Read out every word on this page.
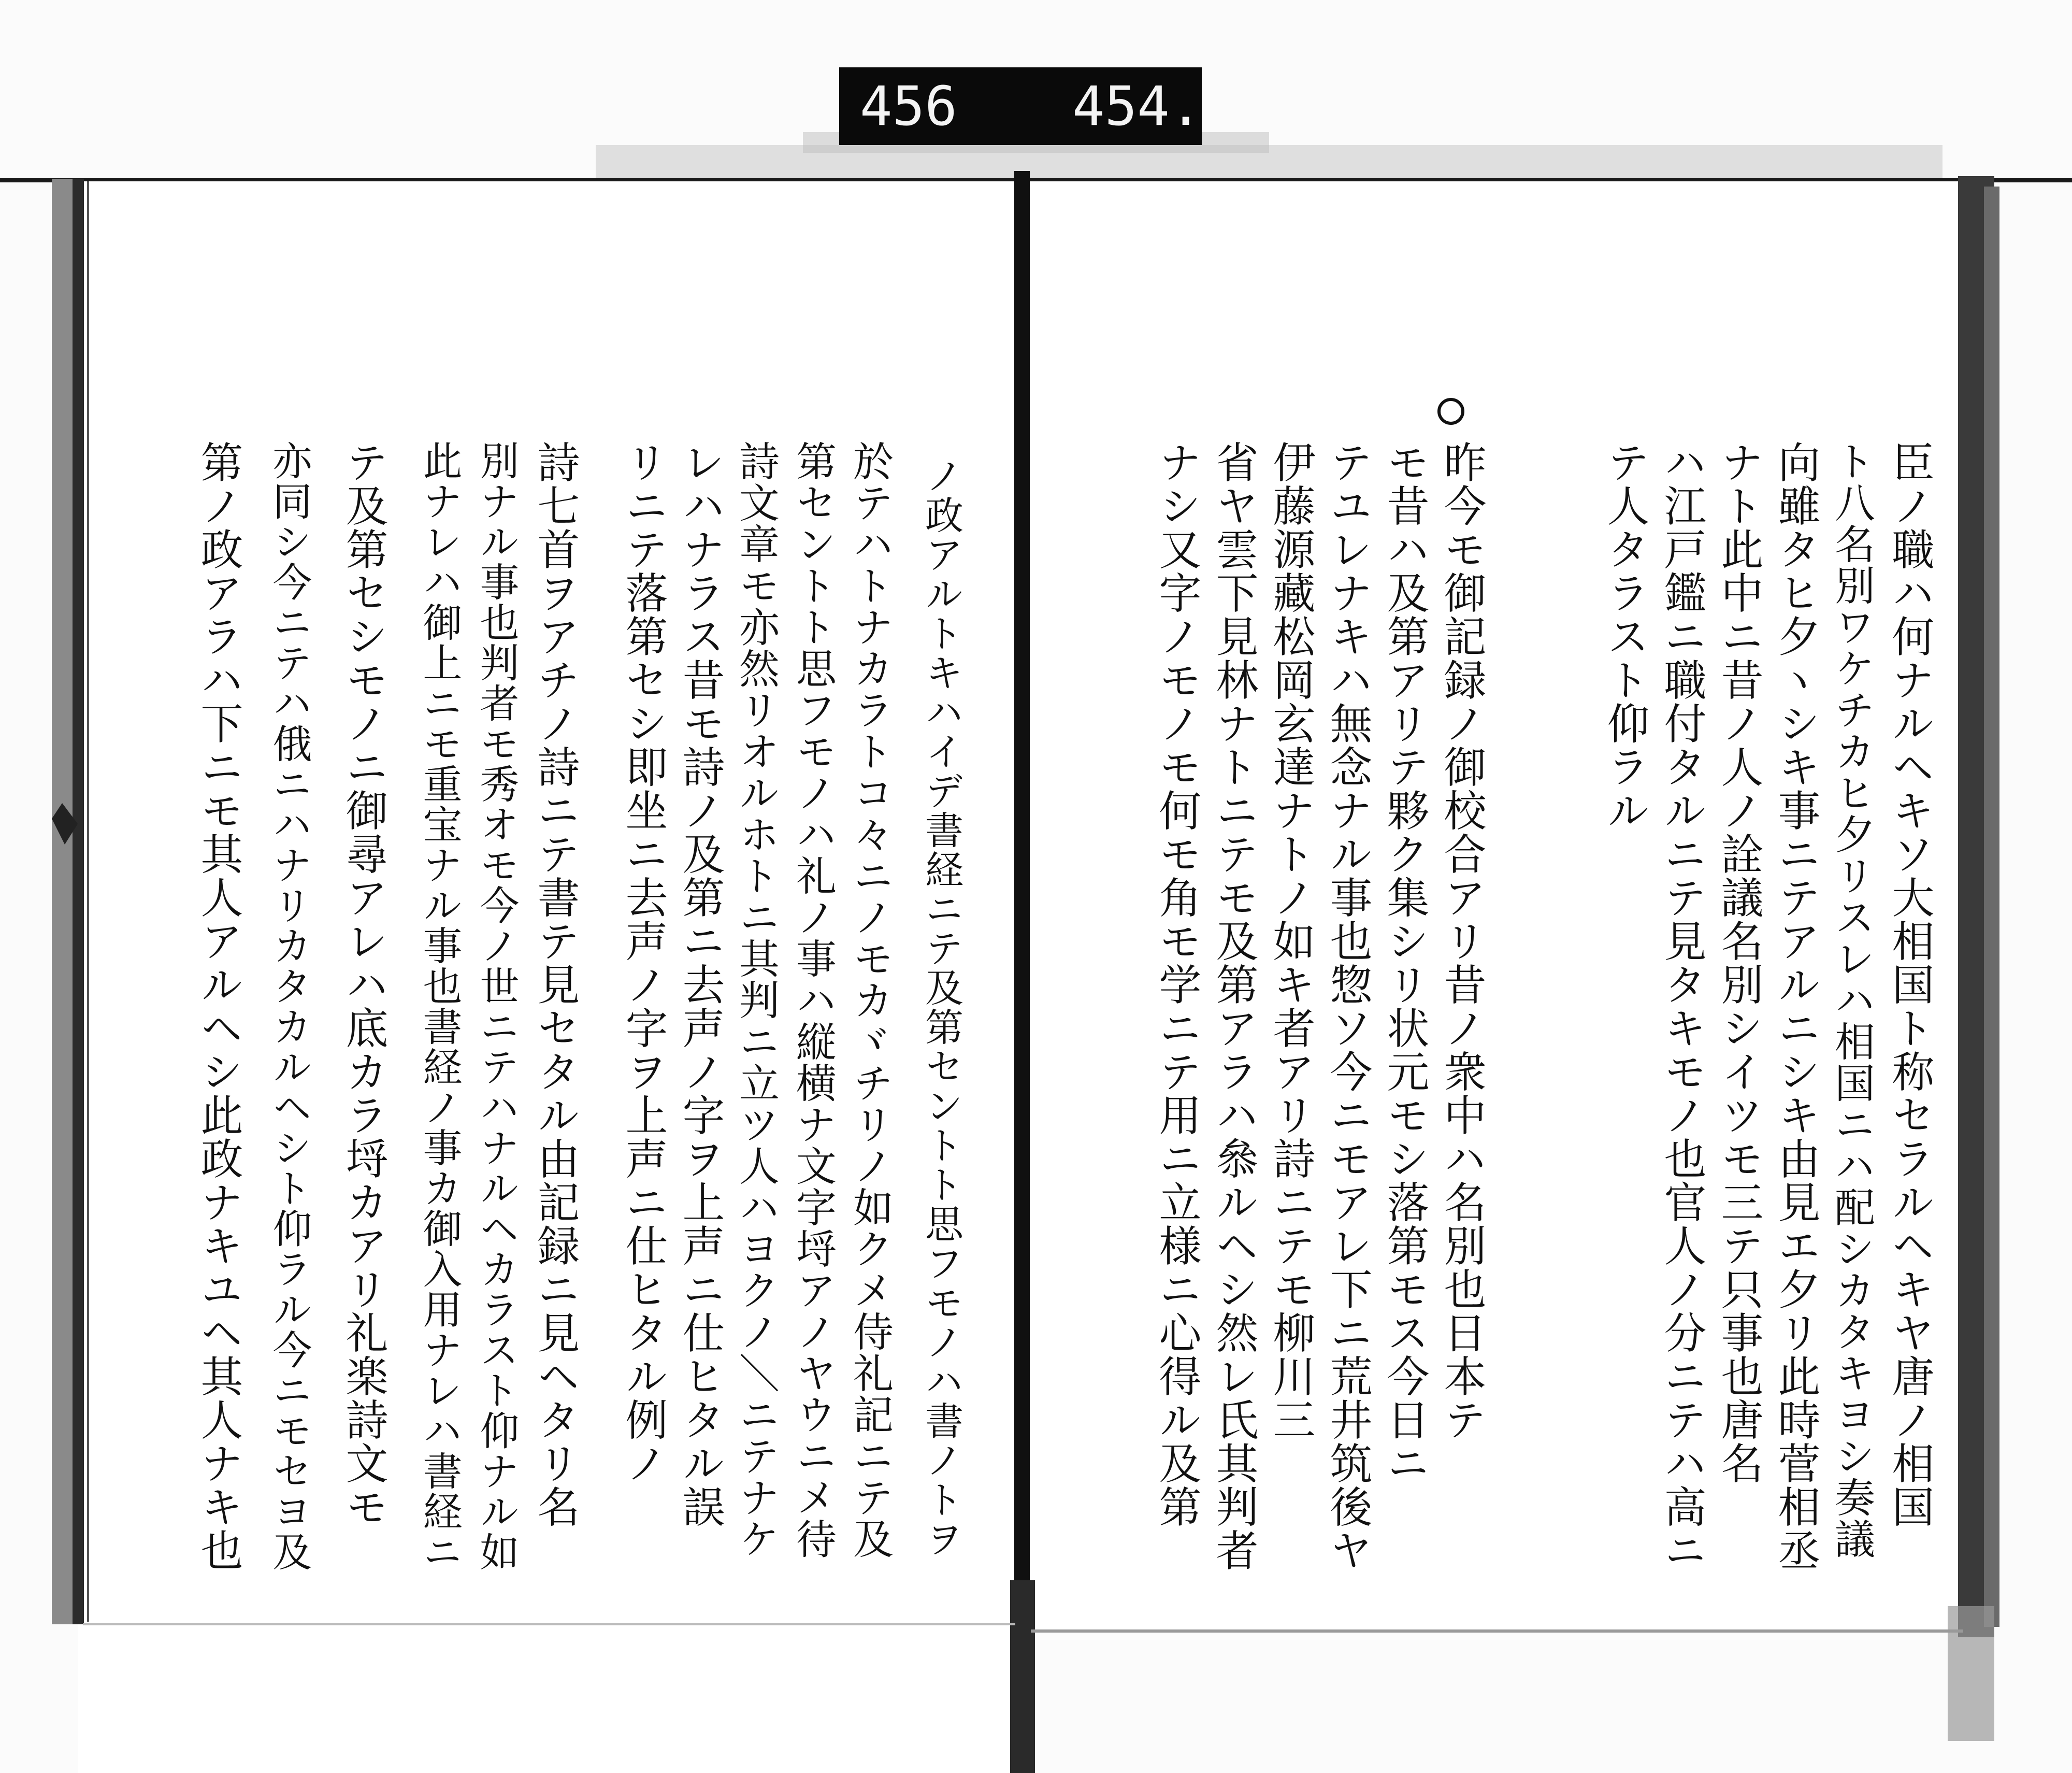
456 454.

臣ノ職ハ何ナルヘキソ大相国ト称セラルヘキヤ唐ノ相国

ト八名別ワケチカヒ夕リスレハ相国ニハ配シカタキヨシ奏議

向雖タヒ夕ヽシキ事ニテアルニシキ由見エ夕リ此時菅相丞

ナト此中ニ昔ノ人ノ詮議名別シイツモ三テ只事也唐名

ハ江戸鑑ニ職付タルニテ見タキモノ也官人ノ分ニテハ高ニ

テ人タラスト仰ラル

昨今モ御記録ノ御校合アリ昔ノ衆中ハ名別也日本テ

モ昔ハ及第アリテ夥ク集シリ状元モシ落第モス今日ニ

テユレナキハ無念ナル事也惣ソ今ニモアレ下ニ荒井筑後ヤ

伊藤源藏松岡玄達ナトノ如キ者アリ詩ニテモ柳川三

省ヤ雲下見林ナトニテモ及第アラハ叅ルヘシ然レ氏其判者

ナシ又字ノモノモ何モ角モ学ニテ用ニ立様ニ心得ル及第

ノ政アルトキハイデ書経ニテ及第セントト思フモノハ書ノトヲ

於テハトナカラトコ々ニノモカヾチリノ如クメ侍礼記ニテ及

第セントト思フモノハ礼ノ事ハ縦横ナ文字埒アノヤウニメ待

詩文章モ亦然リオルホトニ其判ニ立ツ人ハヨクノ＼ニテナケ

レハナラス昔モ詩ノ及第ニ去声ノ字ヲ上声ニ仕ヒタル誤

リニテ落第セシ即坐ニ去声ノ字ヲ上声ニ仕ヒタル例ノ

詩七首ヲアチノ詩ニテ書テ見セタル由記録ニ見ヘタリ名

別ナル事也判者モ秀オモ今ノ世ニテハナルヘカラスト仰ナル如

此ナレハ御上ニモ重宝ナル事也書経ノ事カ御入用ナレハ書経ニ

テ及第セシモノニ御尋アレハ底カラ埒カアリ礼楽詩文モ

亦同シ今ニテハ俄ニハナリカタカルヘシト仰ラル今ニモセヨ及

第ノ政アラハ下ニモ其人アルヘシ此政ナキユヘ其人ナキ也
